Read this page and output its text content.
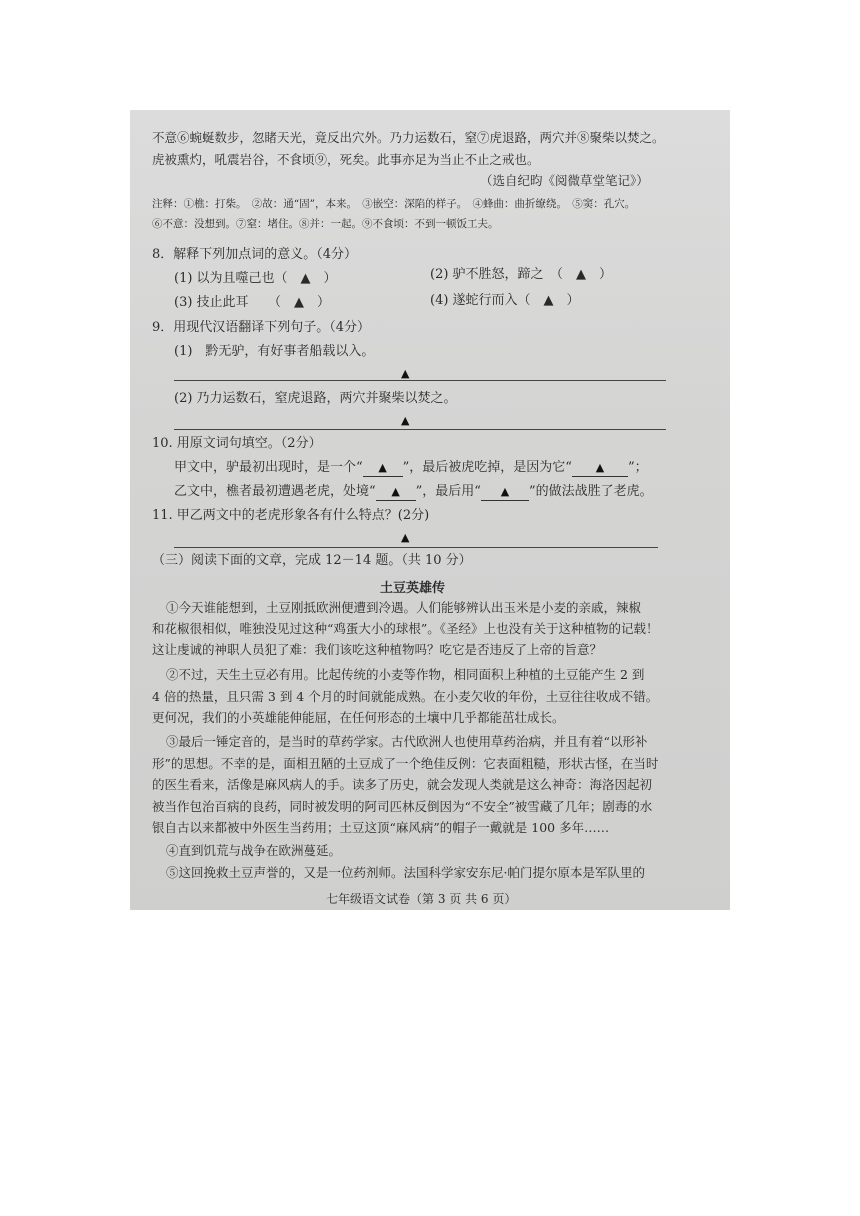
不意⑥蜿蜒数步，忽睹天光，竟反出穴外。乃力运数石，窒⑦虎退路，两穴并⑧聚柴以焚之。
虎被熏灼，吼震岩谷，不食顷⑨，死矣。此事亦足为当止不止之戒也。
（选自纪昀《阅微草堂笔记》）
注释：①樵：打柴。　②故：通“固”，本来。　③嵌空：深陷的样子。　④蜂曲：曲折缭绕。　⑤窦：孔穴。
⑥不意：没想到。⑦窒：堵住。⑧并：一起。⑨不食顷：不到一顿饭工夫。
8．解释下列加点词的意义。（4分）
(1) 以为且噬己也（　▲　）	(2) 驴不胜怒，蹄之　（　▲　）
(3) 技止此耳　　（　▲　）	(4) 遂蛇行而入（　▲　）
9．用现代汉语翻译下列句子。（4分）
(1)　黔无驴，有好事者船载以入。
▲
(2) 乃力运数石，窒虎退路，两穴并聚柴以焚之。
▲
10. 用原文词句填空。（2分）
甲文中，驴最初出现时，是一个“ ▲ ”，最后被虎吃掉，是因为它“ ▲ ”；
乙文中，樵者最初遭遇老虎，处境“ ▲ ”，最后用“ ▲ ”的做法战胜了老虎。
11. 甲乙两文中的老虎形象各有什么特点？(2分)
▲
（三）阅读下面的文章，完成 12－14 题。（共 10 分）
土豆英雄传
①今天谁能想到，土豆刚抵欧洲便遭到冷遇。人们能够辨认出玉米是小麦的亲戚，辣椒
和花椒很相似，唯独没见过这种“鸡蛋大小的球根”。《圣经》上也没有关于这种植物的记载！
这让虔诚的神职人员犯了难：我们该吃这种植物吗？吃它是否违反了上帝的旨意？
②不过，天生土豆必有用。比起传统的小麦等作物，相同面积上种植的土豆能产生 2 到
4 倍的热量，且只需 3 到 4 个月的时间就能成熟。在小麦欠收的年份，土豆往往收成不错。
更何况，我们的小英雄能伸能屈，在任何形态的土壤中几乎都能茁壮成长。
③最后一锤定音的，是当时的草药学家。古代欧洲人也使用草药治病，并且有着“以形补
形”的思想。不幸的是，面相丑陋的土豆成了一个绝佳反例：它表面粗糙，形状古怪，在当时
的医生看来，活像是麻风病人的手。读多了历史，就会发现人类就是这么神奇：海洛因起初
被当作包治百病的良药，同时被发明的阿司匹林反倒因为“不安全”被雪藏了几年；剧毒的水
银自古以来都被中外医生当药用；土豆这顶“麻风病”的帽子一戴就是 100 多年……
④直到饥荒与战争在欧洲蔓延。
⑤这回挽救土豆声誉的，又是一位药剂师。法国科学家安东尼·帕门提尔原本是军队里的
七年级语文试卷（第 3 页 共 6 页）
